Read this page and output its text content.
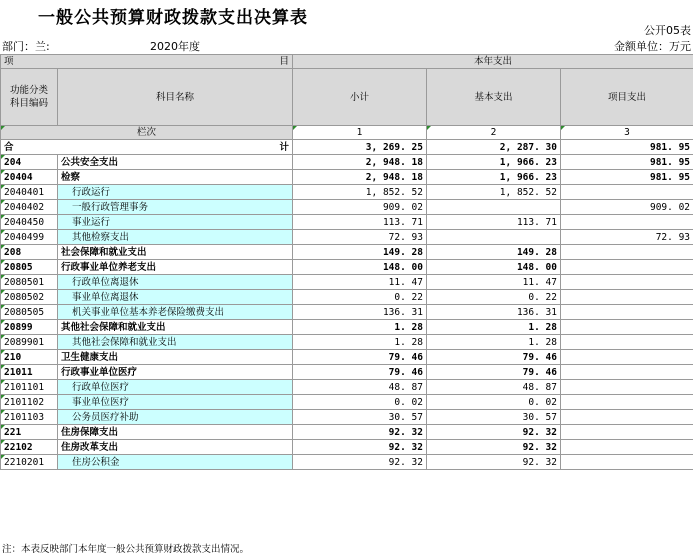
一般公共预算财政拨款支出决算表
公开05表
部门：兰:	2020年度	金额单位：万元
项 目		本年支出		
功能分类
科目编码	科目名称	小计	基本支出	项目支出
栏次		1	2	3
合 计		3, 269. 25	2, 287. 30	981. 95
204	公共安全支出	2, 948. 18	1, 966. 23	981. 95
20404	检察	2, 948. 18	1, 966. 23	981. 95
2040401	行政运行	1, 852. 52	1, 852. 52	
2040402	一般行政管理事务	909. 02		909. 02
2040450	事业运行	113. 71	113. 71	
2040499	其他检察支出	72. 93		72. 93
208	社会保障和就业支出	149. 28	149. 28	
20805	行政事业单位养老支出	148. 00	148. 00	
2080501	行政单位离退休	11. 47	11. 47	
2080502	事业单位离退休	0. 22	0. 22	
2080505	机关事业单位基本养老保险缴费支出	136. 31	136. 31	
20899	其他社会保障和就业支出	1. 28	1. 28	
2089901	其他社会保障和就业支出	1. 28	1. 28	
210	卫生健康支出	79. 46	79. 46	
21011	行政事业单位医疗	79. 46	79. 46	
2101101	行政单位医疗	48. 87	48. 87	
2101102	事业单位医疗	0. 02	0. 02	
2101103	公务员医疗补助	30. 57	30. 57	
221	住房保障支出	92. 32	92. 32	
22102	住房改革支出	92. 32	92. 32	
2210201	住房公积金	92. 32	92. 32	
注：本表反映部门本年度一般公共预算财政拨款支出情况。
